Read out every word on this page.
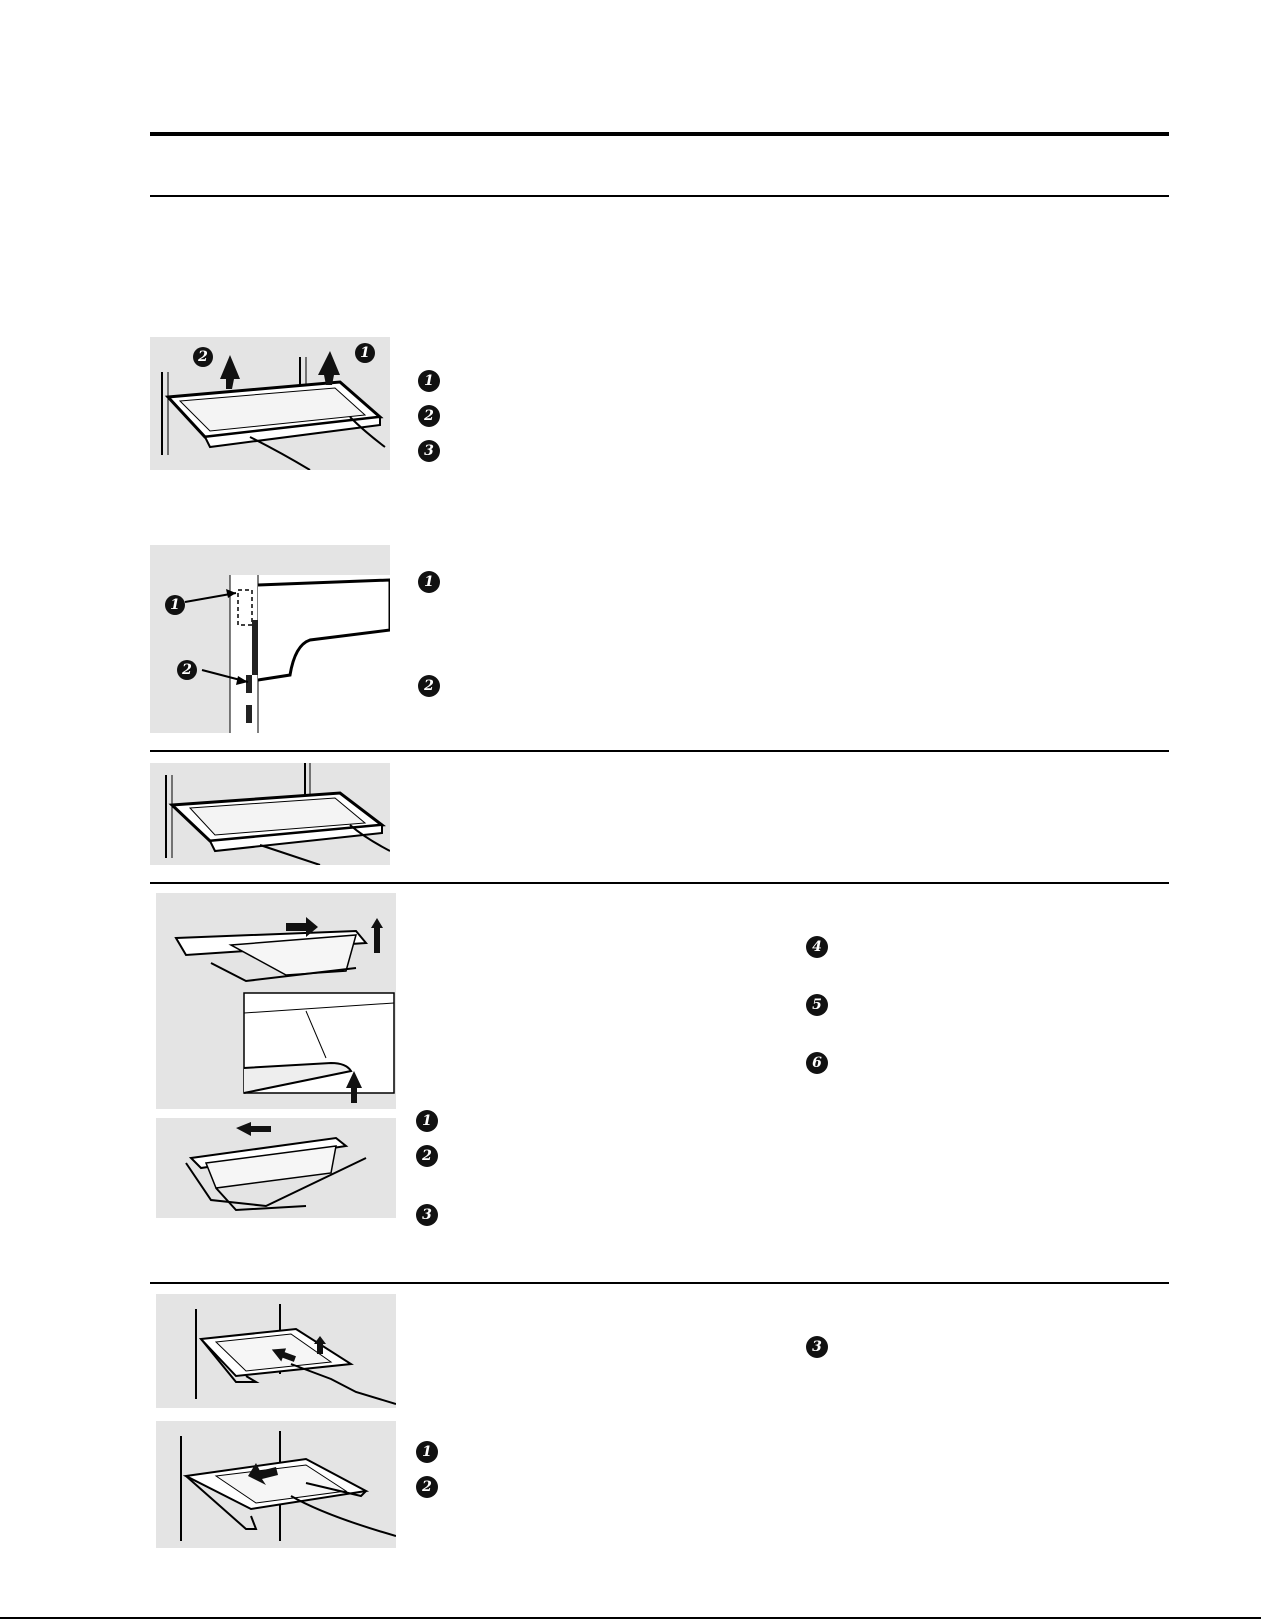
2	1
1
2
3
1
2
1
2
1
2
3
4
5
6
1
2
3
